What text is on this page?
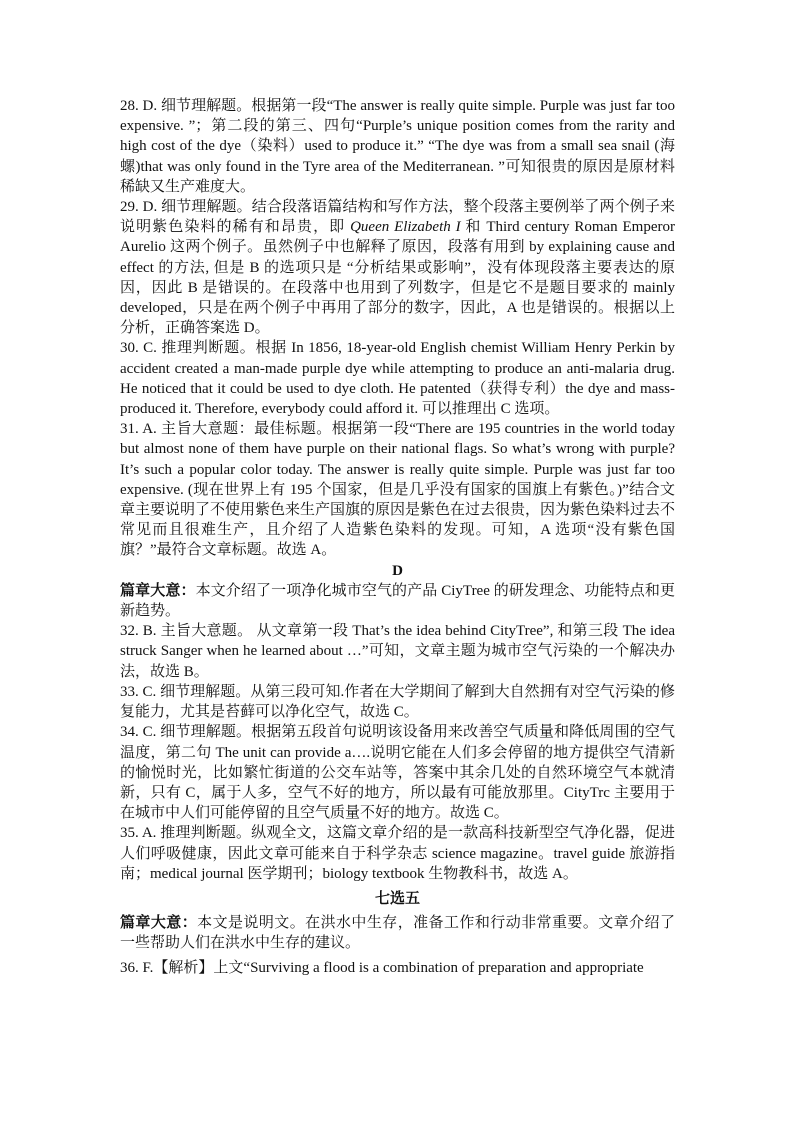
28. D. 细节理解题。根据第一段“The answer is really quite simple. Purple was just far too expensive. ”；第二段的第三、四句“Purple’s unique position comes from the rarity and high cost of the dye（染料）used to produce it.” “The dye was from a small sea snail (海螺)that was only found in the Tyre area of the Mediterranean. ”可知很贵的原因是原材料稀缺又生产难度大。

29. D. 细节理解题。结合段落语篇结构和写作方法，整个段落主要例举了两个例子来说明紫色染料的稀有和昂贵，即 Queen Elizabeth I 和 Third century Roman Emperor Aurelio 这两个例子。虽然例子中也解释了原因，段落有用到 by explaining cause and effect 的方法, 但是 B 的选项只是 “分析结果或影响”，没有体现段落主要表达的原因，因此 B 是错误的。在段落中也用到了列数字，但是它不是题目要求的 mainly developed，只是在两个例子中再用了部分的数字，因此，A 也是错误的。根据以上分析，正确答案选 D。

30. C. 推理判断题。根据 In 1856, 18-year-old English chemist William Henry Perkin by accident created a man-made purple dye while attempting to produce an anti-malaria drug. He noticed that it could be used to dye cloth. He patented（获得专利）the dye and mass-produced it. Therefore, everybody could afford it. 可以推理出 C 选项。

31. A. 主旨大意题：最佳标题。根据第一段“There are 195 countries in the world today but almost none of them have purple on their national flags. So what’s wrong with purple? It’s such a popular color today. The answer is really quite simple. Purple was just far too expensive. (现在世界上有 195 个国家，但是几乎没有国家的国旗上有紫色。)”结合文章主要说明了不使用紫色来生产国旗的原因是紫色在过去很贵，因为紫色染料过去不常见而且很难生产，且介绍了人造紫色染料的发现。可知，A 选项“没有紫色国旗？”最符合文章标题。故选 A。

D

篇章大意：本文介绍了一项净化城市空气的产品 CiyTree 的研发理念、功能特点和更新趋势。

32. B. 主旨大意题。 从文章第一段 That’s the idea behind CityTree”, 和第三段 The idea struck Sanger when he learned about …”可知，文章主题为城市空气污染的一个解决办法，故选 B。

33. C. 细节理解题。从第三段可知.作者在大学期间了解到大自然拥有对空气污染的修复能力，尤其是苔藓可以净化空气，故选 C。

34. C. 细节理解题。根据第五段首句说明该设备用来改善空气质量和降低周围的空气温度，第二句 The unit can provide a….说明它能在人们多会停留的地方提供空气清新的愉悦时光，比如繁忙街道的公交车站等，答案中其余几处的自然环境空气本就清新，只有 C，属于人多，空气不好的地方，所以最有可能放那里。CityTrc 主要用于在城市中人们可能停留的且空气质量不好的地方。故选 C。

35. A. 推理判断题。纵观全文，这篇文章介绍的是一款高科技新型空气净化器，促进人们呼吸健康，因此文章可能来自于科学杂志 science magazine。travel guide 旅游指南；medical journal 医学期刊；biology textbook 生物教科书，故选 A。

七选五

篇章大意：本文是说明文。在洪水中生存，准备工作和行动非常重要。文章介绍了一些帮助人们在洪水中生存的建议。

36. F.【解析】上文“Surviving a flood is a combination of preparation and appropriate
